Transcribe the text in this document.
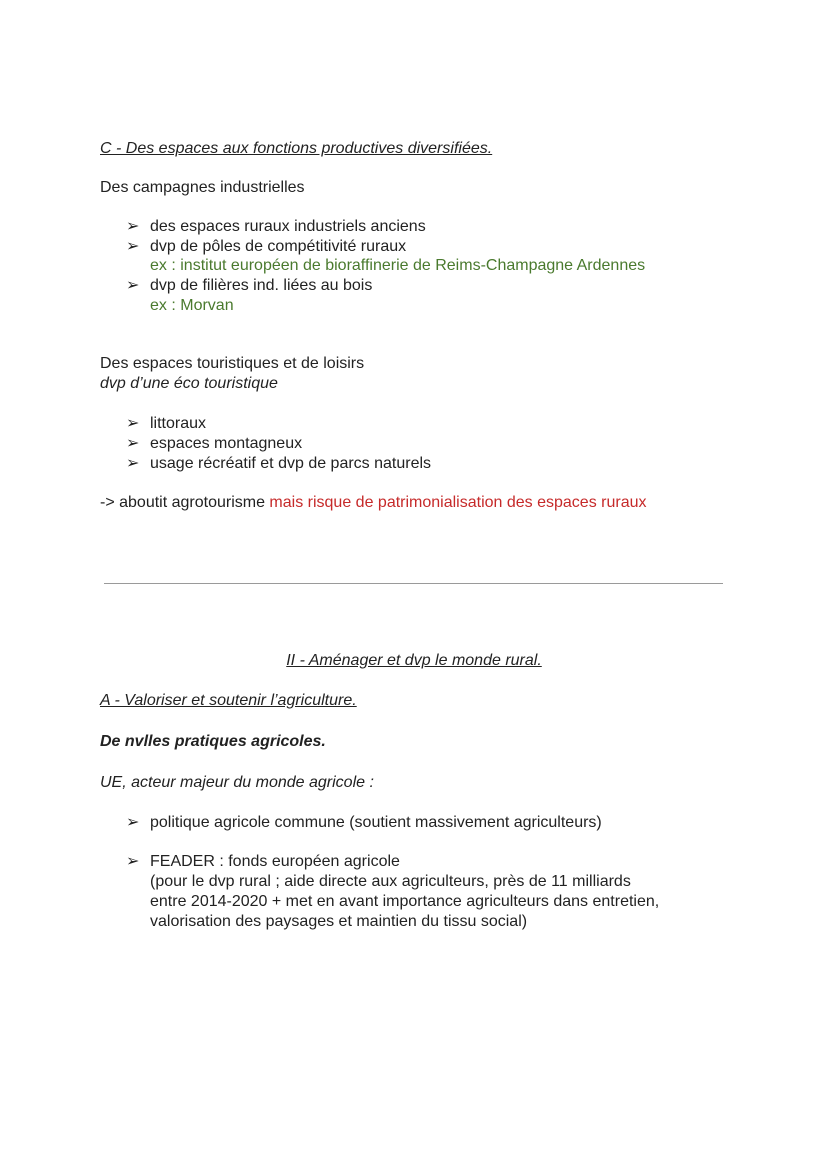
C - Des espaces aux fonctions productives diversifiées.
Des campagnes industrielles
➢ des espaces ruraux industriels anciens
➢ dvp de pôles de compétitivité ruraux
ex : institut européen de bioraffinerie de Reims-Champagne Ardennes
➢ dvp de filières ind. liées au bois
ex : Morvan
Des espaces touristiques et de loisirs
dvp d’une éco touristique
➢ littoraux
➢ espaces montagneux
➢ usage récréatif et dvp de parcs naturels
-> aboutit agrotourisme mais risque de patrimonialisation des espaces ruraux
II - Aménager et dvp le monde rural.
A - Valoriser et soutenir l’agriculture.
De nvlles pratiques agricoles.
UE, acteur majeur du monde agricole :
➢ politique agricole commune (soutient massivement agriculteurs)
➢ FEADER : fonds européen agricole
(pour le dvp rural ; aide directe aux agriculteurs, près de 11 milliards
entre 2014-2020 + met en avant importance agriculteurs dans entretien,
valorisation des paysages et maintien du tissu social)
